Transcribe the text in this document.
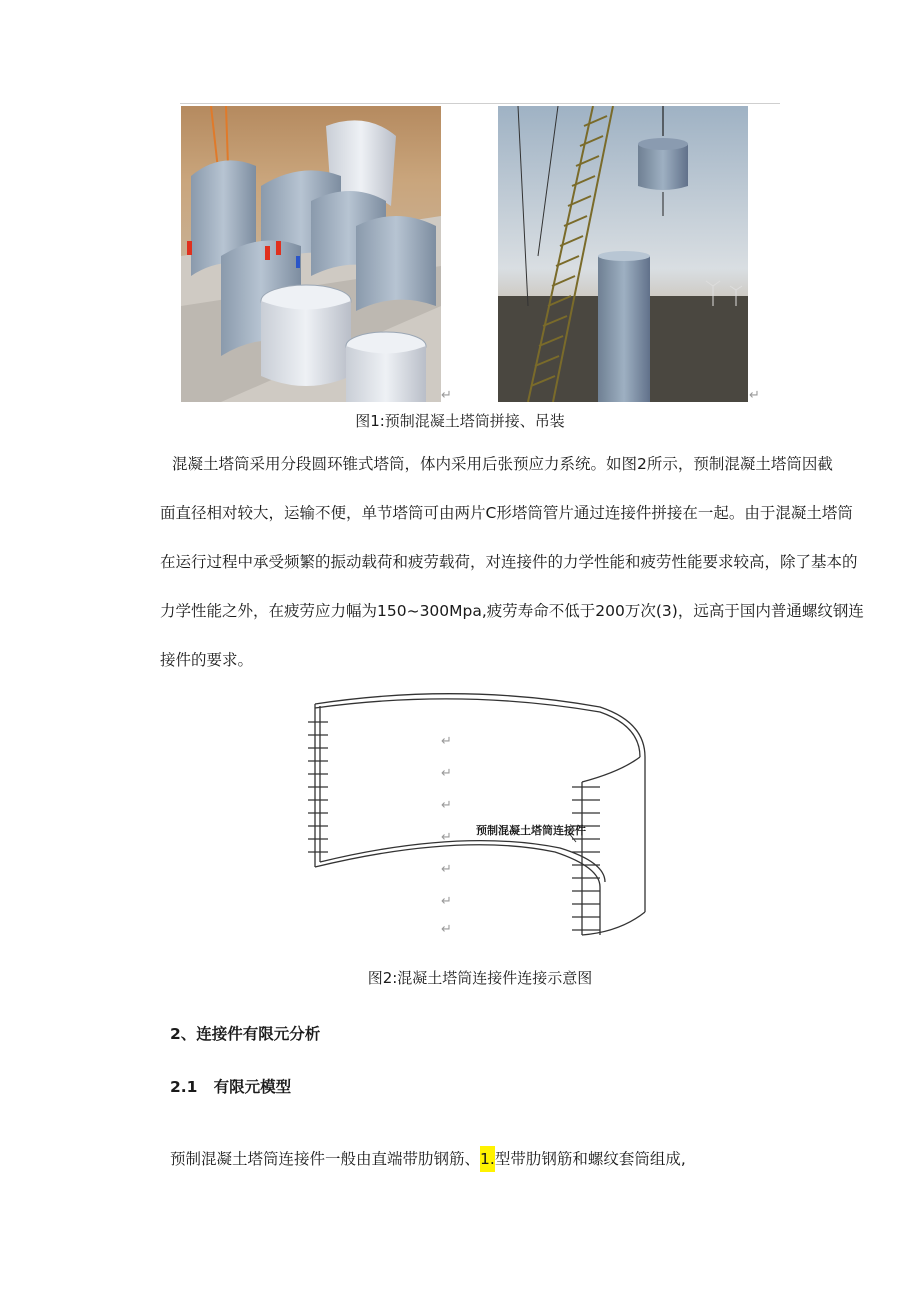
↵	↵
图1:预制混凝土塔筒拼接、吊装
混凝土塔筒采用分段圆环锥式塔筒，体内采用后张预应力系统。如图2所示，预制混凝土塔筒因截
面直径相对较大，运输不便，单节塔筒可由两片C形塔筒管片通过连接件拼接在一起。由于混凝土塔筒
在运行过程中承受频繁的振动载荷和疲劳载荷，对连接件的力学性能和疲劳性能要求较高，除了基本的
力学性能之外，在疲劳应力幅为150~300Mpa,疲劳寿命不低于200万次(3)，远高于国内普通螺纹钢连
接件的要求。
↵
↵
↵
↵
↵
↵
↵
预制混凝土塔筒连接件
图2:混凝土塔筒连接件连接示意图
2、连接件有限元分析
2.1   有限元模型
预制混凝土塔筒连接件一般由直端带肋钢筋、1.型带肋钢筋和螺纹套筒组成,
